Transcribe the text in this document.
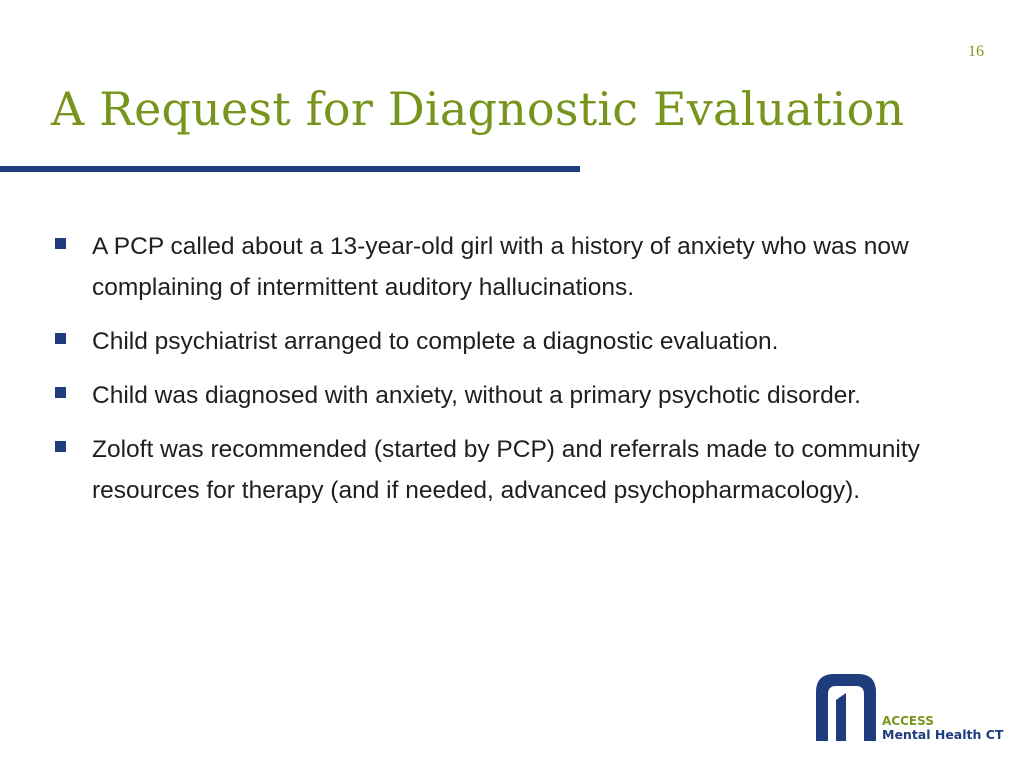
16
A Request for Diagnostic Evaluation
A PCP called about a 13-year-old girl with a history of anxiety who was now complaining of intermittent auditory hallucinations.
Child psychiatrist arranged to complete a diagnostic evaluation.
Child was diagnosed with anxiety, without a primary psychotic disorder.
Zoloft was recommended (started by PCP) and referrals made to community resources for therapy (and if needed, advanced psychopharmacology).
ACCESS
Mental Health CT
